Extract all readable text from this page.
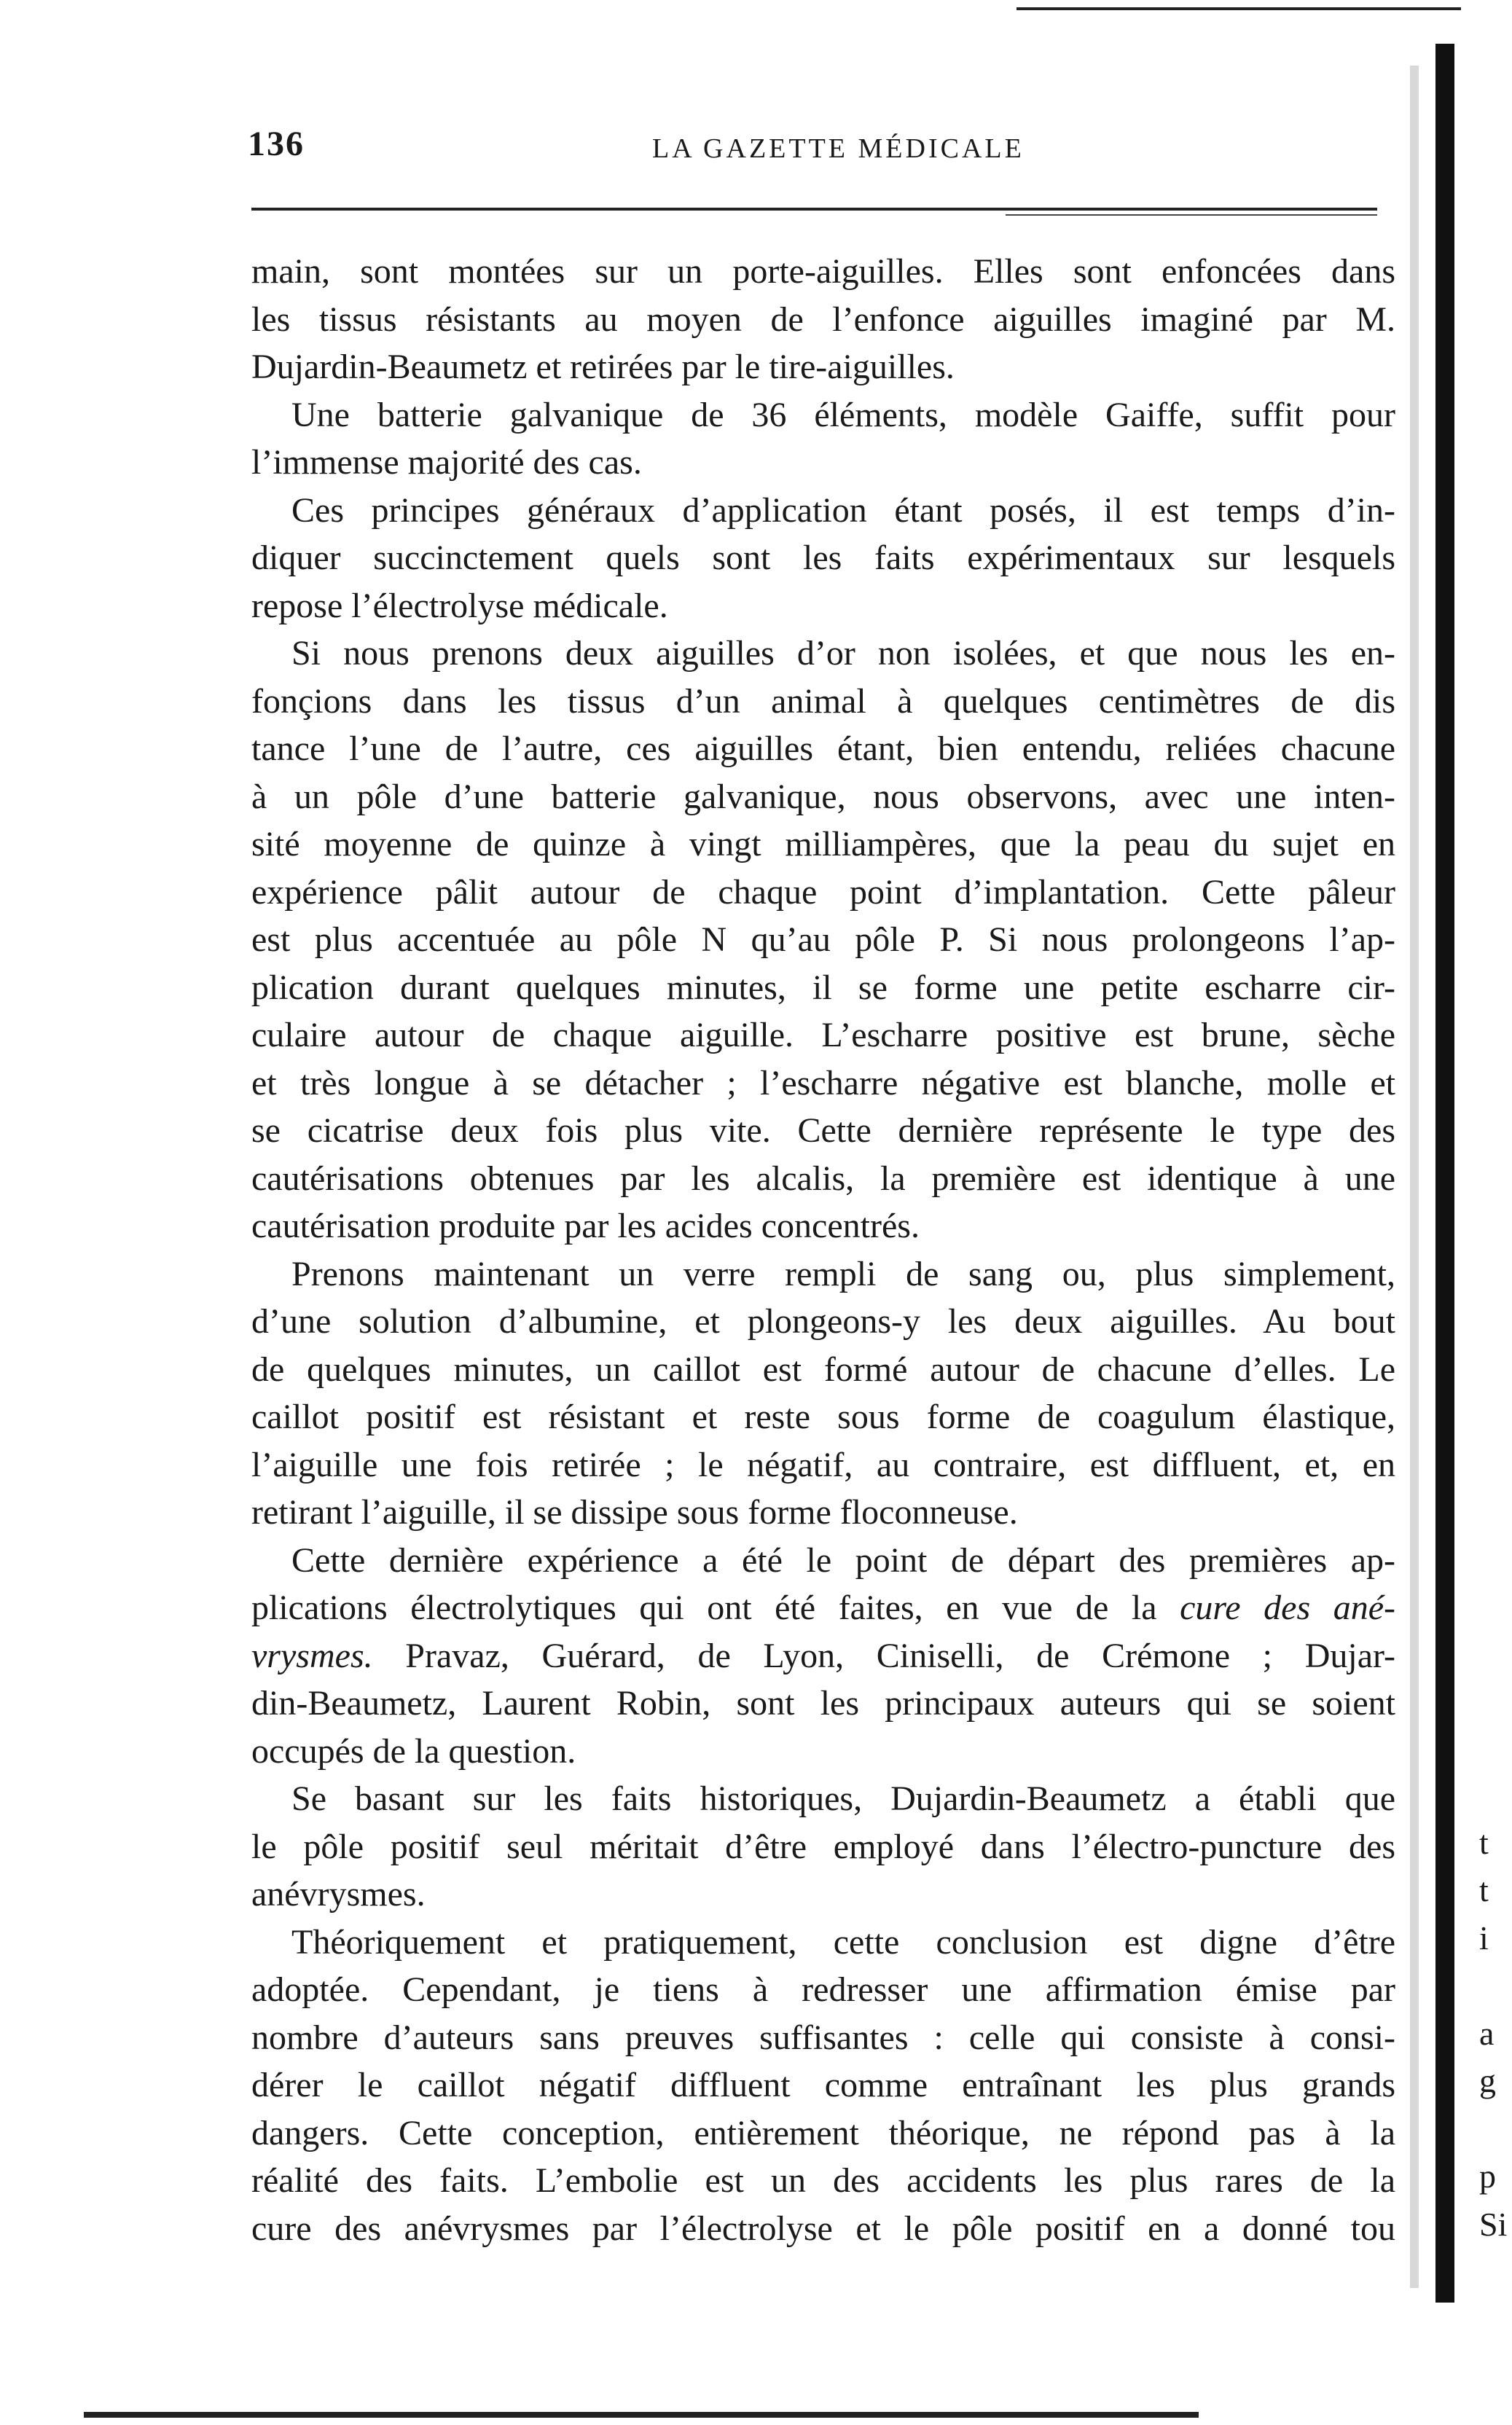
136	LA GAZETTE MÉDICALE
main, sont montées sur un porte-aiguilles. Elles sont enfoncées dans
les tissus résistants au moyen de l’enfonce aiguilles imaginé par M.
Dujardin-Beaumetz et retirées par le tire-aiguilles.
Une batterie galvanique de 36 éléments, modèle Gaiffe, suffit pour
l’immense majorité des cas.
Ces principes généraux d’application étant posés, il est temps d’in-
diquer succinctement quels sont les faits expérimentaux sur lesquels
repose l’électrolyse médicale.
Si nous prenons deux aiguilles d’or non isolées, et que nous les en-
fonçions dans les tissus d’un animal à quelques centimètres de dis
tance l’une de l’autre, ces aiguilles étant, bien entendu, reliées chacune
à un pôle d’une batterie galvanique, nous observons, avec une inten-
sité moyenne de quinze à vingt milliampères, que la peau du sujet en
expérience pâlit autour de chaque point d’implantation. Cette pâleur
est plus accentuée au pôle N qu’au pôle P. Si nous prolongeons l’ap-
plication durant quelques minutes, il se forme une petite escharre cir-
culaire autour de chaque aiguille. L’escharre positive est brune, sèche
et très longue à se détacher ; l’escharre négative est blanche, molle et
se cicatrise deux fois plus vite. Cette dernière représente le type des
cautérisations obtenues par les alcalis, la première est identique à une
cautérisation produite par les acides concentrés.
Prenons maintenant un verre rempli de sang ou, plus simplement,
d’une solution d’albumine, et plongeons-y les deux aiguilles. Au bout
de quelques minutes, un caillot est formé autour de chacune d’elles. Le
caillot positif est résistant et reste sous forme de coagulum élastique,
l’aiguille une fois retirée ; le négatif, au contraire, est diffluent, et, en
retirant l’aiguille, il se dissipe sous forme floconneuse.
Cette dernière expérience a été le point de départ des premières ap-
plications électrolytiques qui ont été faites, en vue de la cure des ané-
vrysmes. Pravaz, Guérard, de Lyon, Ciniselli, de Crémone ; Dujar-
din-Beaumetz, Laurent Robin, sont les principaux auteurs qui se soient
occupés de la question.
Se basant sur les faits historiques, Dujardin-Beaumetz a établi que
le pôle positif seul méritait d’être employé dans l’électro-puncture des
anévrysmes.
Théoriquement et pratiquement, cette conclusion est digne d’être
adoptée. Cependant, je tiens à redresser une affirmation émise par
nombre d’auteurs sans preuves suffisantes : celle qui consiste à consi-
dérer le caillot négatif diffluent comme entraînant les plus grands
dangers. Cette conception, entièrement théorique, ne répond pas à la
réalité des faits. L’embolie est un des accidents les plus rares de la
cure des anévrysmes par l’électrolyse et le pôle positif en a donné tou
t
t
i
a
g
p
Si
